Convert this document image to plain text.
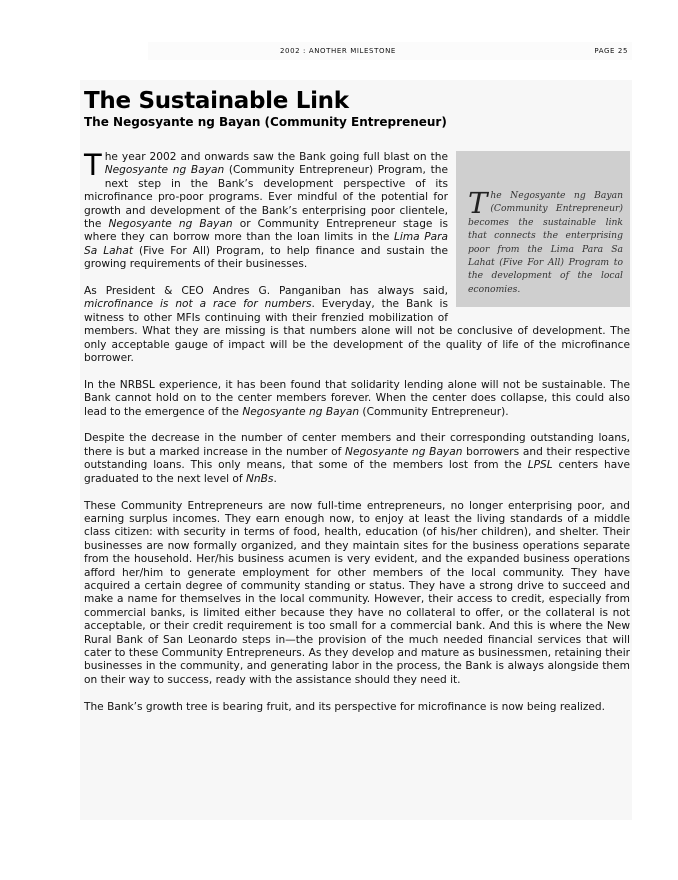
2002 : ANOTHER MILESTONE	PAGE 25
The Sustainable Link
The Negosyante ng Bayan (Community Entrepreneur)
The Negosyante ng Bayan (Community Entrepreneur) becomes the sustainable link that connects the enterprising poor from the Lima Para Sa Lahat (Five For All) Program to the development of the local economies.

The year 2002 and onwards saw the Bank going full blast on the Negosyante ng Bayan (Community Entrepreneur) Program, the next step in the Bank’s development perspective of its microfinance pro-poor programs. Ever mindful of the potential for growth and development of the Bank’s enterprising poor clientele, the Negosyante ng Bayan or Community Entrepreneur stage is where they can borrow more than the loan limits in the Lima Para Sa Lahat (Five For All) Program, to help finance and sustain the growing requirements of their businesses.

As President & CEO Andres G. Panganiban has always said, microfinance is not a race for numbers. Everyday, the Bank is witness to other MFIs continuing with their frenzied mobilization of members. What they are missing is that numbers alone will not be conclusive of development. The only acceptable gauge of impact will be the development of the quality of life of the microfinance borrower.

In the NRBSL experience, it has been found that solidarity lending alone will not be sustainable. The Bank cannot hold on to the center members forever. When the center does collapse, this could also lead to the emergence of the Negosyante ng Bayan (Community Entrepreneur).

Despite the decrease in the number of center members and their corresponding outstanding loans, there is but a marked increase in the number of Negosyante ng Bayan borrowers and their respective outstanding loans. This only means, that some of the members lost from the LPSL centers have graduated to the next level of NnBs.

These Community Entrepreneurs are now full-time entrepreneurs, no longer enterprising poor, and earning surplus incomes. They earn enough now, to enjoy at least the living standards of a middle class citizen: with security in terms of food, health, education (of his/her children), and shelter. Their businesses are now formally organized, and they maintain sites for the business operations separate from the household. Her/his business acumen is very evident, and the expanded business operations afford her/him to generate employment for other members of the local community. They have acquired a certain degree of community standing or status. They have a strong drive to succeed and make a name for themselves in the local community. However, their access to credit, especially from commercial banks, is limited either because they have no collateral to offer, or the collateral is not acceptable, or their credit requirement is too small for a commercial bank. And this is where the New Rural Bank of San Leonardo steps in—the provision of the much needed financial services that will cater to these Community Entrepreneurs. As they develop and mature as businessmen, retaining their businesses in the community, and generating labor in the process, the Bank is always alongside them on their way to success, ready with the assistance should they need it.

The Bank’s growth tree is bearing fruit, and its perspective for microfinance is now being realized.
